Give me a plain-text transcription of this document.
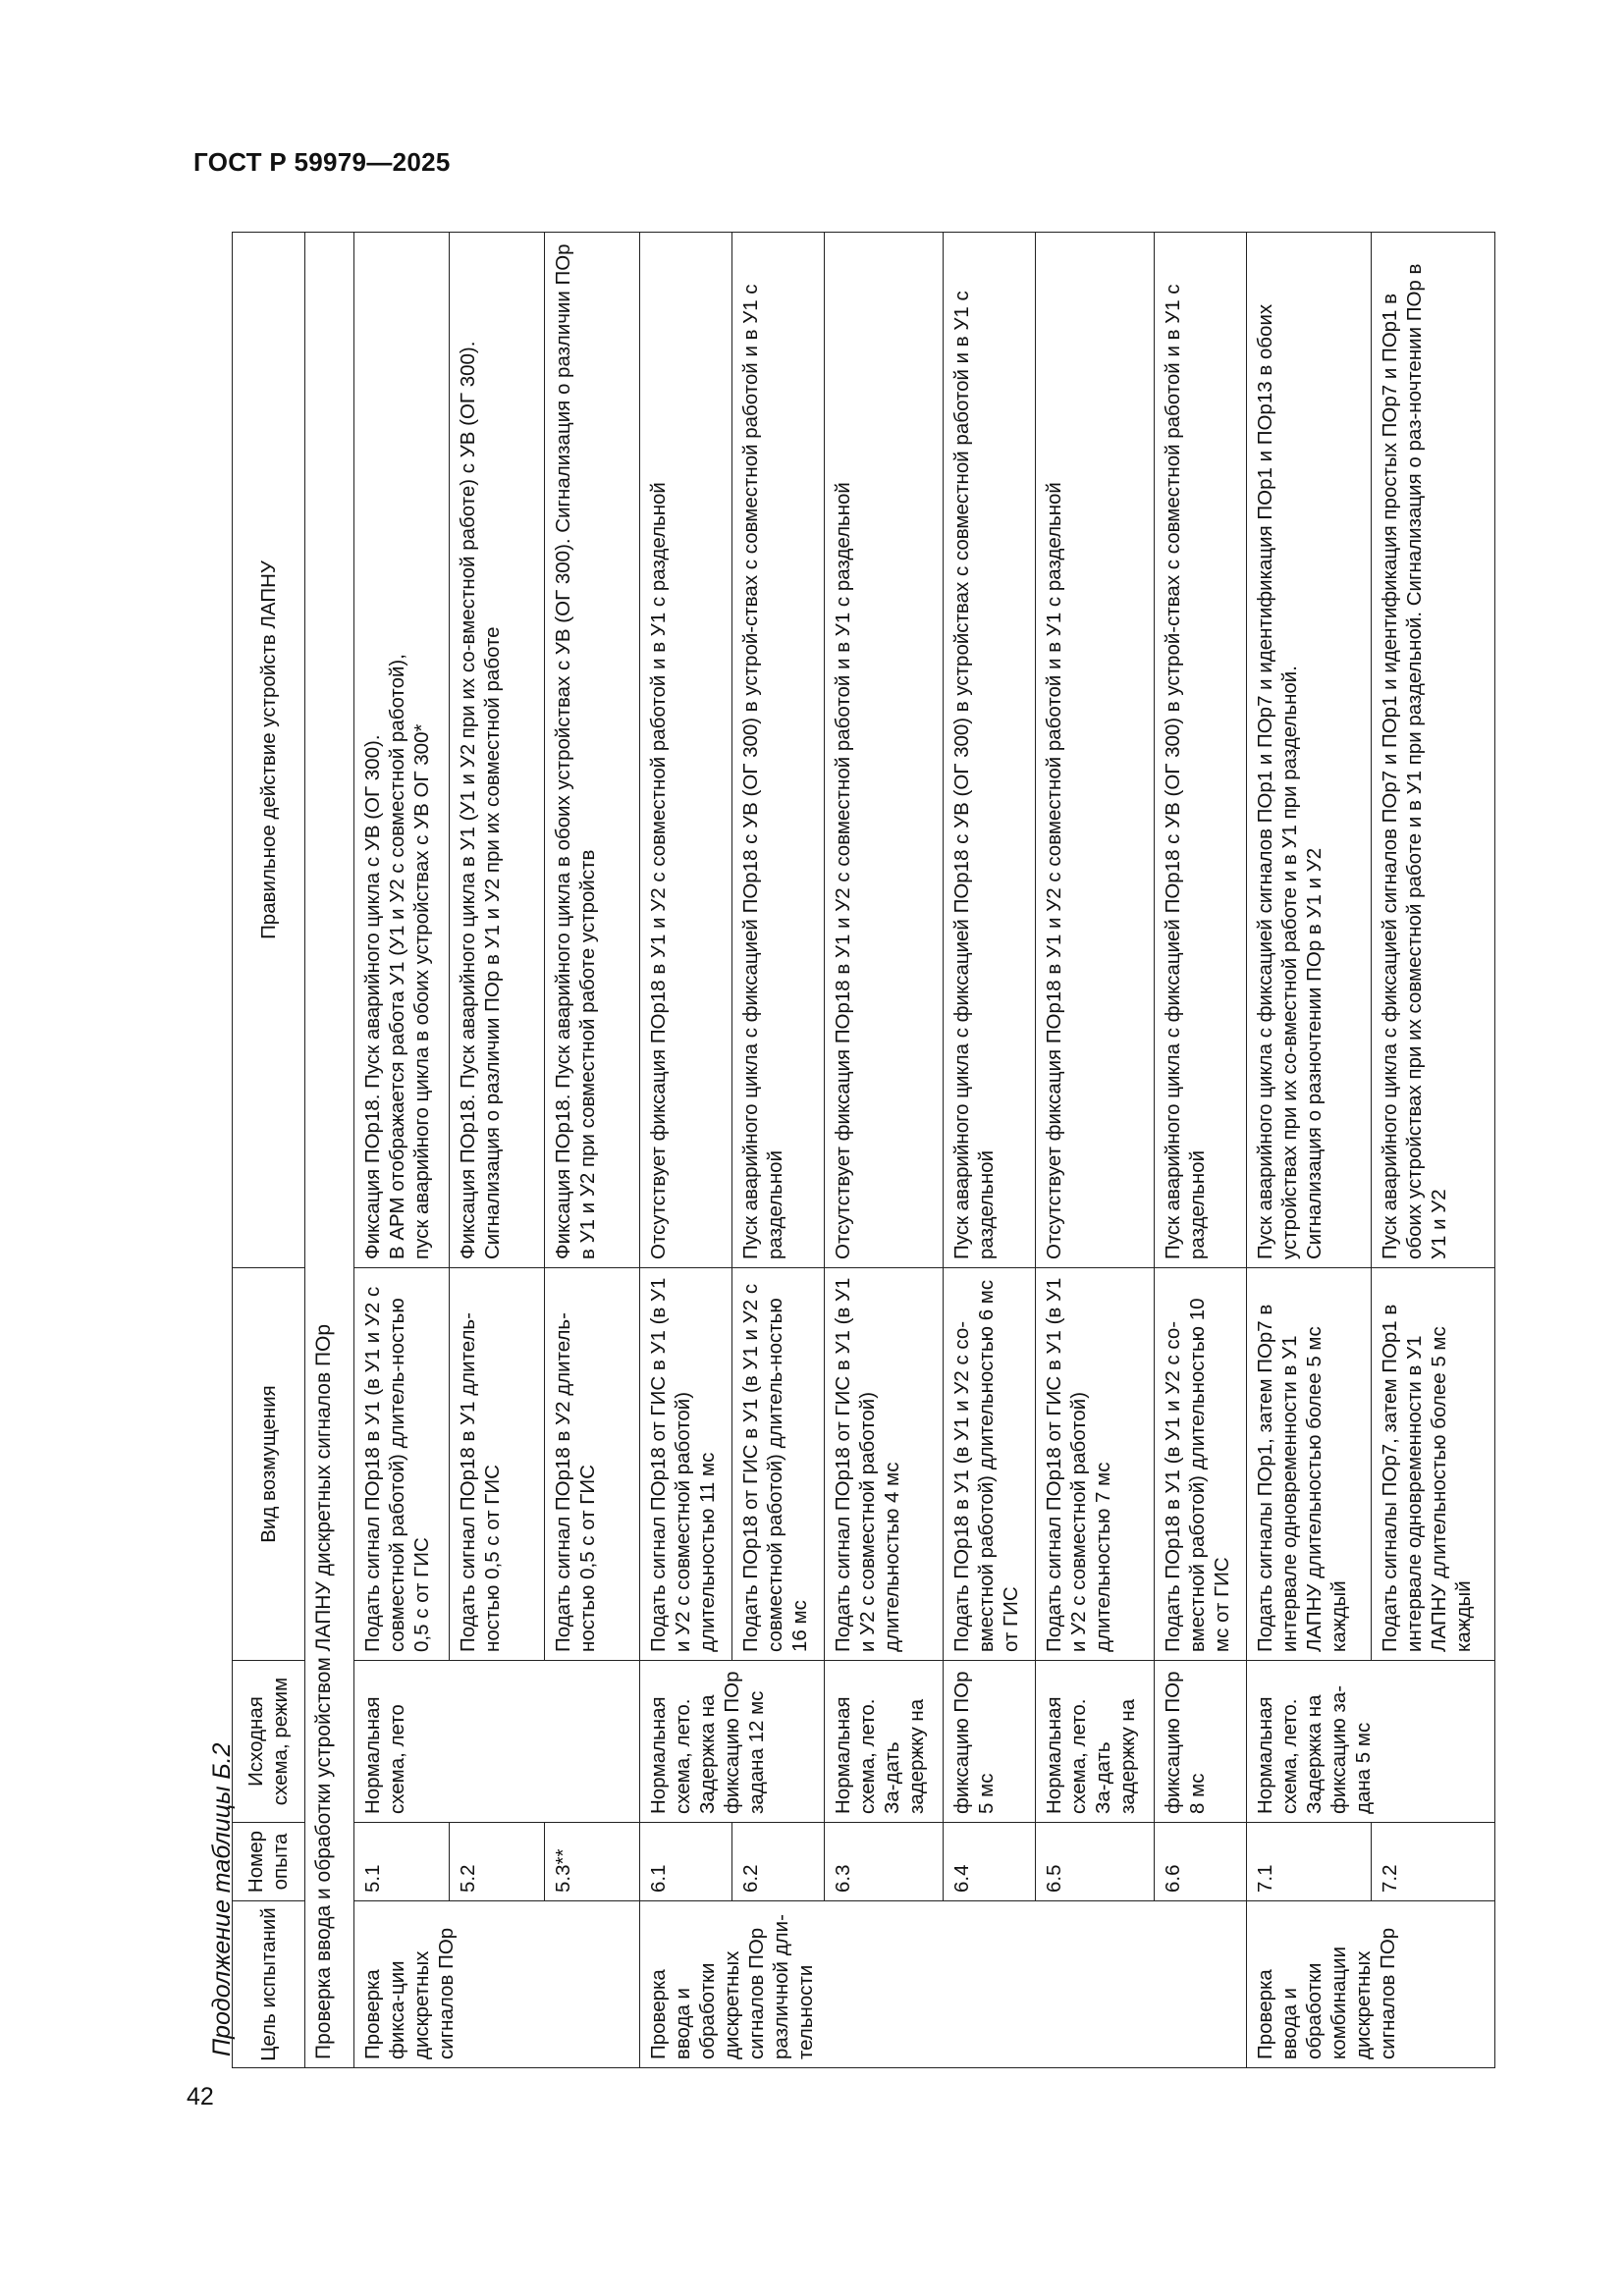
ГОСТ Р 59979—2025
42
Продолжение таблицы Б.2 Цель испытаний	Номер опыта	Исходная схема, режим	Вид возмущения	Правильное действие устройств ЛАПНУ
Проверка ввода и обработки устройством ЛАПНУ дискретных сигналов ПОр				
Проверка фикса-ции дискретных сигналов ПОр	5.1	Нормальная схема, лето	Подать сигнал ПОр18 в У1 (в У1 и У2 с совместной работой) длитель-ностью 0,5 с от ГИС	Фиксация ПОр18. Пуск аварийного цикла с УВ (ОГ 300). В АРМ отображается работа У1 (У1 и У2 с совместной работой), пуск аварийного цикла в обоих устройствах с УВ ОГ 300*

	5.2		Подать сигнал ПОр18 в У1 длитель-ностью 0,5 с от ГИС	Фиксация ПОр18. Пуск аварийного цикла в У1 (У1 и У2 при их со-вместной работе) с УВ (ОГ 300). Сигнализация о различии ПОр в У1 и У2 при их совместной работе
	5.3**		Подать сигнал ПОр18 в У2 длитель-ностью 0,5 с от ГИС	Фиксация ПОр18. Пуск аварийного цикла в обоих устройствах с УВ (ОГ 300). Сигнализация о различии ПОр в У1 и У2 при совместной работе устройств
Проверка ввода и обработки дискретных сигналов ПОр различной дли-тельности	6.1	Нормальная схема, лето. Задержка на фиксацию ПОр задана 12 мс	Подать сигнал ПОр18 от ГИС в У1 (в У1 и У2 с совместной работой) длительностью 11 мс	Отсутствует фиксация ПОр18 в У1 и У2 с совместной работой и в У1 с раздельной
	6.2		Подать ПОр18 от ГИС в У1 (в У1 и У2 с совместной работой) длитель-ностью 16 мс	Пуск аварийного цикла с фиксацией ПОр18 с УВ (ОГ 300) в устрой-ствах с совместной работой и в У1 с раздельной
	6.3	Нормальная схема, лето. За-дать задержку на	Подать сигнал ПОр18 от ГИС в У1 (в У1 и У2 с совместной работой) длительностью 4 мс	Отсутствует фиксация ПОр18 в У1 и У2 с совместной работой и в У1 с раздельной
	6.4	фиксацию ПОр 5 мс	Подать ПОр18 в У1 (в У1 и У2 с со-вместной работой) длительностью 6 мс от ГИС	Пуск аварийного цикла с фиксацией ПОр18 с УВ (ОГ 300) в устройствах с совместной работой и в У1 с раздельной
	6.5	Нормальная схема, лето. За-дать задержку на	Подать сигнал ПОр18 от ГИС в У1 (в У1 и У2 с совместной работой) длительностью 7 мс	Отсутствует фиксация ПОр18 в У1 и У2 с совместной работой и в У1 с раздельной
	6.6	фиксацию ПОр 8 мс	Подать ПОр18 в У1 (в У1 и У2 с со-вместной работой) длительностью 10 мс от ГИС	Пуск аварийного цикла с фиксацией ПОр18 с УВ (ОГ 300) в устрой-ствах с совместной работой и в У1 с раздельной
Проверка ввода и обработки комбинации дискретных сигналов ПОр	7.1	Нормальная схема, лето. Задержка на фиксацию за-дана 5 мс	Подать сигналы ПОр1, затем ПОр7 в интервале одновременности в У1 ЛАПНУ длительностью более 5 мс каждый	Пуск аварийного цикла с фиксацией сигналов ПОр1 и ПОр7 и идентификация ПОр1 и ПОр13 в обоих устройствах при их со-вместной работе и в У1 при раздельной. Сигнализация о разночтении ПОр в У1 и У2

	7.2		Подать сигналы ПОр7, затем ПОр1 в интервале одновременности в У1 ЛАПНУ длительностью более 5 мс каждый	Пуск аварийного цикла с фиксацией сигналов ПОр7 и ПОр1 и идентификация простых ПОр7 и ПОр1 в обоих устройствах при их совместной работе и в У1 при раздельной. Сигнализация о раз-ночтении ПОр в У1 и У2
